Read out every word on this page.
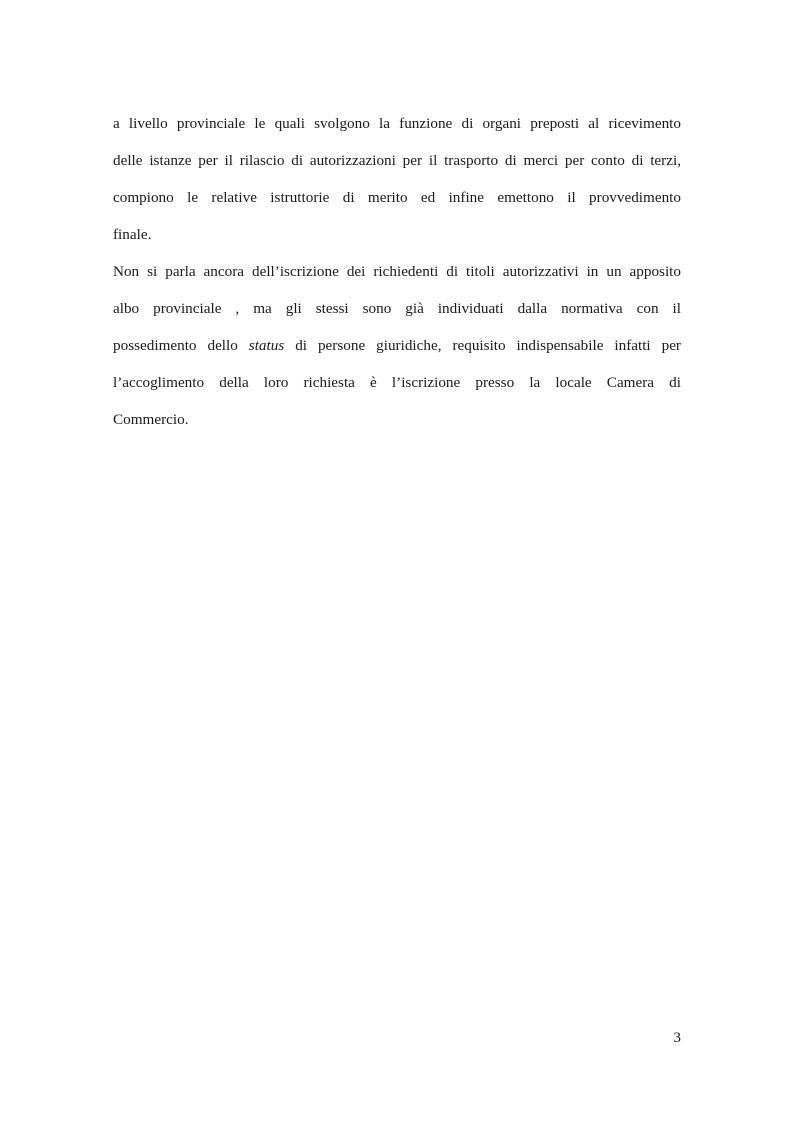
a livello provinciale le quali svolgono la funzione di organi preposti al ricevimento
delle istanze per il rilascio di autorizzazioni per il trasporto di merci per conto di terzi,
compiono le relative istruttorie di merito ed infine emettono il provvedimento
finale.
Non si parla ancora dell’iscrizione dei richiedenti di titoli autorizzativi in un apposito
albo provinciale , ma gli stessi sono già individuati dalla normativa con il
possedimento dello status di persone giuridiche, requisito indispensabile infatti per
l’accoglimento della loro richiesta è l’iscrizione presso la locale Camera di
Commercio.
3
